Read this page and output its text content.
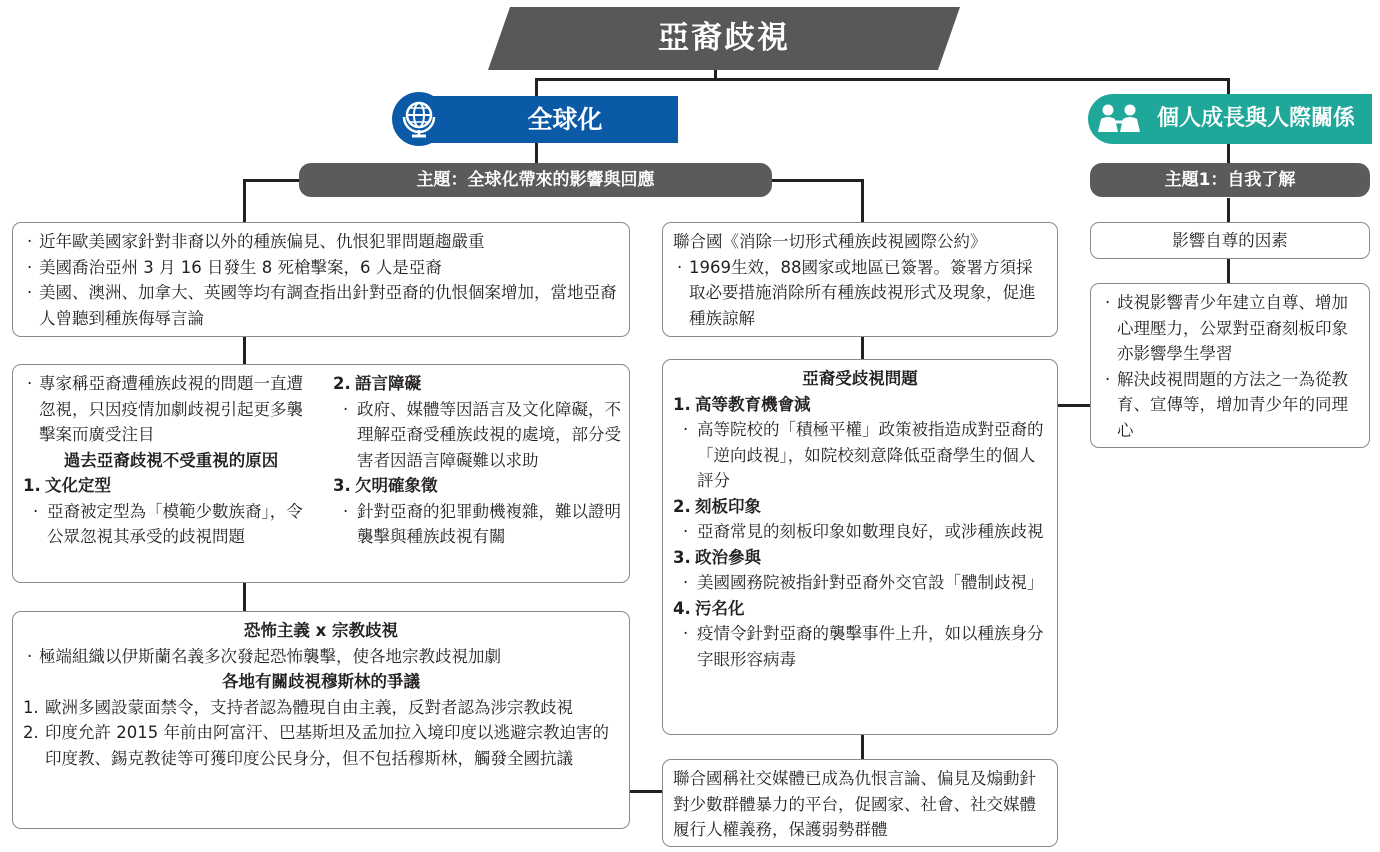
亞裔歧視
全球化	個人成長與人際關係
主題：全球化帶來的影響與回應	主題1：自我了解
· 近年歐美國家針對非裔以外的種族偏見、仇恨犯罪問題趨嚴重
· 美國喬治亞州 3 月 16 日發生 8 死槍擊案，6 人是亞裔
· 美國、澳洲、加拿大、英國等均有調查指出針對亞裔的仇恨個案增加，當地亞裔人曾聽到種族侮辱言論
· 專家稱亞裔遭種族歧視的問題一直遭忽視，只因疫情加劇歧視引起更多襲擊案而廣受注目
過去亞裔歧視不受重視的原因
1. 文化定型
· 亞裔被定型為「模範少數族裔」，令公眾忽視其承受的歧視問題
2. 語言障礙
· 政府、媒體等因語言及文化障礙，不理解亞裔受種族歧視的處境，部分受害者因語言障礙難以求助
3. 欠明確象徵
· 針對亞裔的犯罪動機複雜，難以證明襲擊與種族歧視有關
恐怖主義 x 宗教歧視
· 極端組織以伊斯蘭名義多次發起恐怖襲擊，使各地宗教歧視加劇
各地有關歧視穆斯林的爭議
1. 歐洲多國設蒙面禁令，支持者認為體現自由主義，反對者認為涉宗教歧視
2. 印度允許 2015 年前由阿富汗、巴基斯坦及孟加拉入境印度以逃避宗教迫害的印度教、錫克教徒等可獲印度公民身分，但不包括穆斯林，觸發全國抗議
聯合國《消除一切形式種族歧視國際公約》
· 1969生效，88國家或地區已簽署。簽署方須採取必要措施消除所有種族歧視形式及現象，促進種族諒解
亞裔受歧視問題
1. 高等教育機會減
· 高等院校的「積極平權」政策被指造成對亞裔的「逆向歧視」，如院校刻意降低亞裔學生的個人評分
2. 刻板印象
· 亞裔常見的刻板印象如數理良好，或涉種族歧視
3. 政治參與
· 美國國務院被指針對亞裔外交官設「體制歧視」
4. 污名化
· 疫情令針對亞裔的襲擊事件上升，如以種族身分字眼形容病毒
聯合國稱社交媒體已成為仇恨言論、偏見及煽動針對少數群體暴力的平台，促國家、社會、社交媒體履行人權義務，保護弱勢群體
影響自尊的因素
· 歧視影響青少年建立自尊、增加心理壓力，公眾對亞裔刻板印象亦影響學生學習
· 解決歧視問題的方法之一為從教育、宣傳等，增加青少年的同理心
